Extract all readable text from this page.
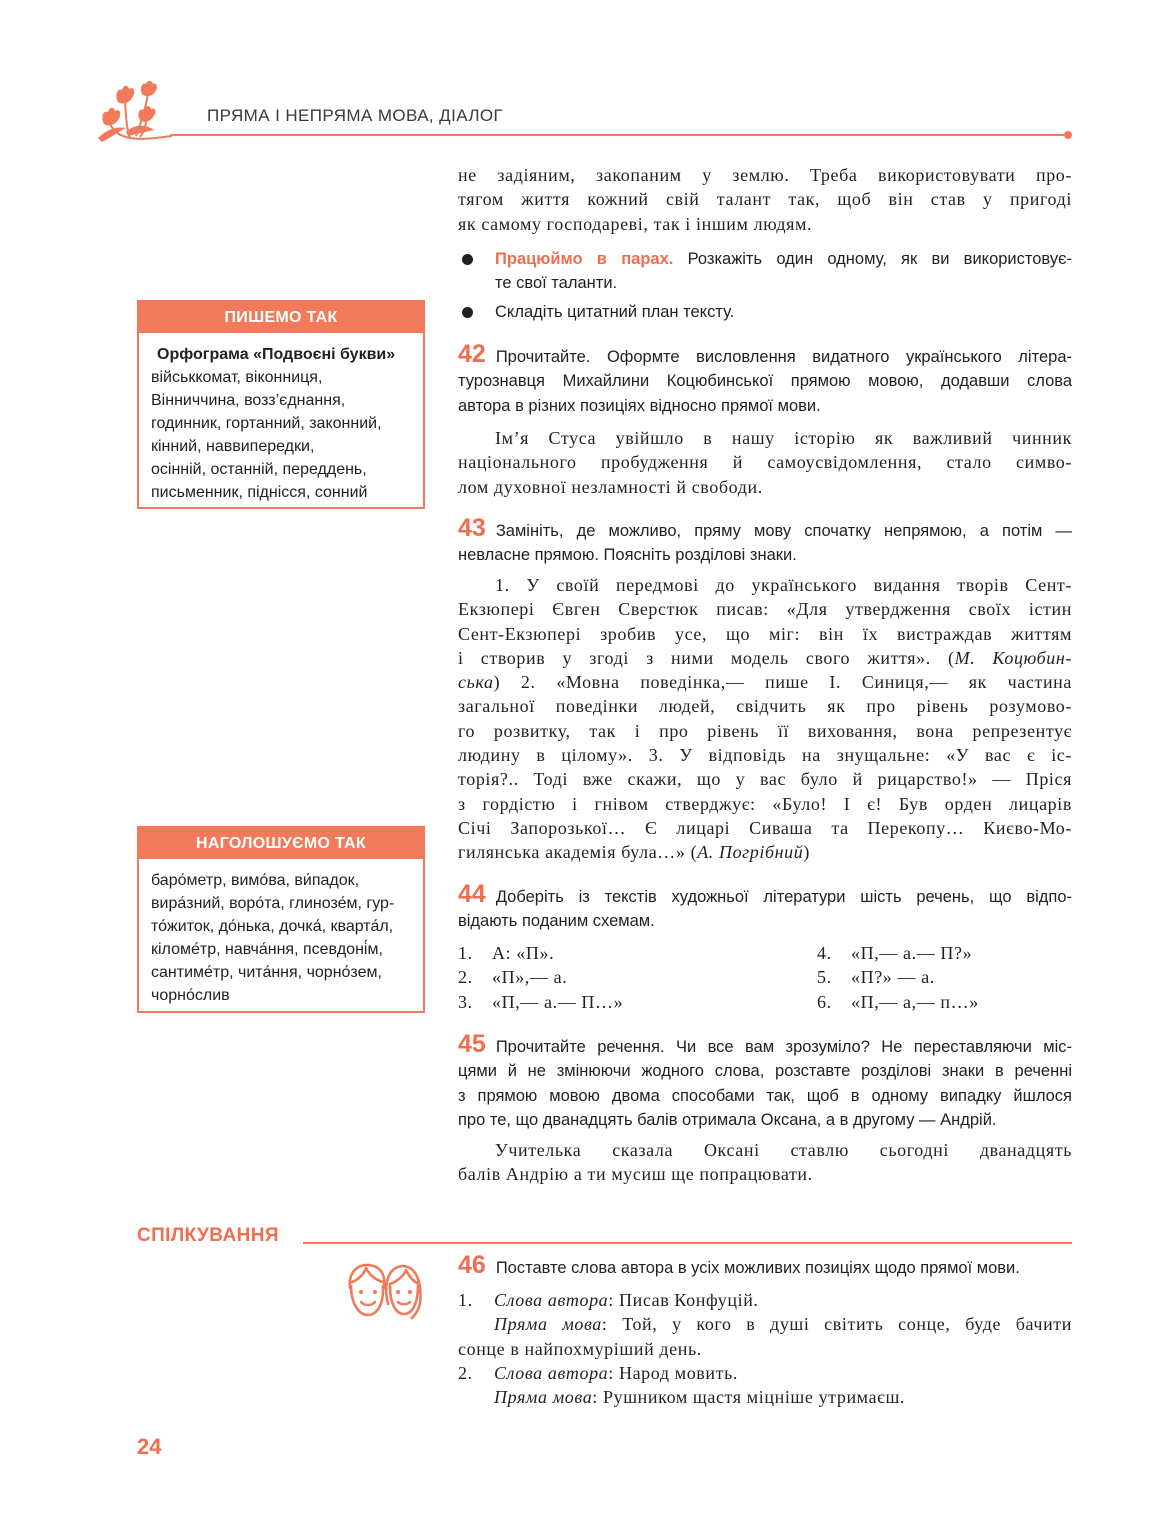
ПРЯМА І НЕПРЯМА МОВА, ДІАЛОГ
ПИШЕМО ТАК
Орфограма «Подвоєні букви»
військкомат, віконниця,
Вінниччина, возз’єднання,
годинник, гортанний, законний,
кінний, наввипередки,
осінній, останній, переддень,
письменник, піднісся, сонний
НАГОЛОШУЄМО ТАК
баро́метр, вимо́ва, ви́падок,
вира́зний, воро́та, глинозе́м, гур-
то́житок, до́нька, дочка́, кварта́л,
кіломе́тр, навча́ння, псевдоні́м,
сантиме́тр, чита́ння, чорно́зем,
чорно́слив
не задіяним, закопаним у землю. Треба використовувати про-
тягом життя кожний свій талант так, щоб він став у пригоді
як самому господареві, так і іншим людям.
Працюймо в парах. Розкажіть один одному, як ви використовує-
те свої таланти.
Складіть цитатний план тексту.
42 Прочитайте. Оформте висловлення видатного українського літера-
турознавця Михайлини Коцюбинської прямою мовою, додавши слова
автора в різних позиціях відносно прямої мови.
Ім’я Стуса увійшло в нашу історію як важливий чинник
національного пробудження й самоусвідомлення, стало симво-
лом духовної незламності й свободи.
43 Замініть, де можливо, пряму мову спочатку непрямою, а потім —
невласне прямою. Поясніть розділові знаки.
1. У своїй передмові до українського видання творів Сент-
Екзюпері Євген Сверстюк писав: «Для утвердження своїх істин
Сент-Екзюпері зробив усе, що міг: він їх вистраждав життям
і створив у згоді з ними модель свого життя». (М. Коцюбин-
ська) 2. «Мовна поведінка,— пише І. Синиця,— як частина
загальної поведінки людей, свідчить як про рівень розумово-
го розвитку, так і про рівень її виховання, вона репрезентує
людину в цілому». 3. У відповідь на знущальне: «У вас є іс-
торія?.. Тоді вже скажи, що у вас було й рицарство!» — Пріся
з гордістю і гнівом стверджує: «Було! І є! Був орден лицарів
Січі Запорозької… Є лицарі Сиваша та Перекопу… Києво-Мо-
гилянська академія була…» (А. Погрібний)
44 Доберіть із текстів художньої літератури шість речень, що відпо-
відають поданим схемам.
1. А: «П».
2. «П»,— а.
3. «П,— а.— П…»
4. «П,— а.— П?»
5. «П?» — а.
6. «П,— а,— п…»
45 Прочитайте речення. Чи все вам зрозуміло? Не переставляючи міс-
цями й не змінюючи жодного слова, розставте розділові знаки в реченні
з прямою мовою двома способами так, щоб в одному випадку йшлося
про те, що дванадцять балів отримала Оксана, а в другому — Андрій.
Учителька сказала Оксані ставлю сьогодні дванадцять
балів Андрію а ти мусиш ще попрацювати.
СПІЛКУВАННЯ
46 Поставте слова автора в усіх можливих позиціях щодо прямої мови.
1. Слова автора: Писав Конфуцій.
Пряма мова: Той, у кого в душі світить сонце, буде бачити
сонце в найпохмуріший день.
2. Слова автора: Народ мовить.
Пряма мова: Рушником щастя міцніше утримаєш.
24
